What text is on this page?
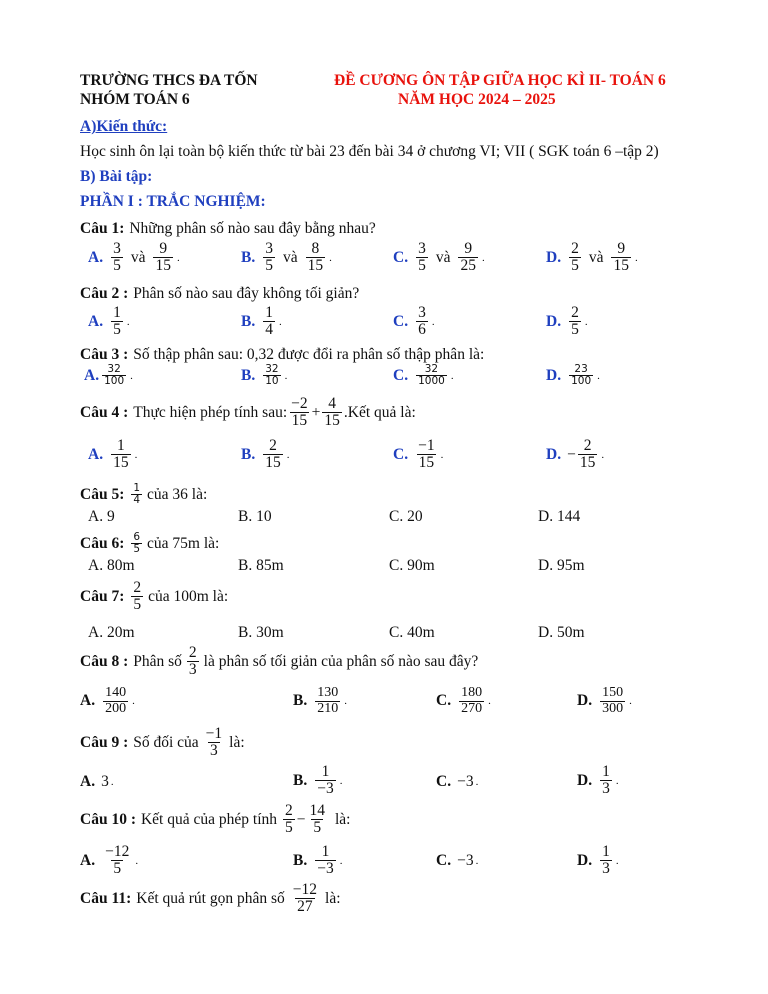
TRƯỜNG THCS ĐA TỐN
NHÓM TOÁN 6
ĐỀ CƯƠNG ÔN TẬP GIỮA HỌC KÌ II- TOÁN 6
NĂM HỌC 2024 – 2025
A)Kiến thức:
Học sinh ôn lại toàn bộ kiến thức từ bài 23 đến bài 34 ở chương VI; VII ( SGK toán 6 –tập 2)
B) Bài tập:
PHẦN I : TRẮC NGHIỆM:
Câu 1: Những phân số nào sau đây bằng nhau?
A. $\frac{3}{5}$ và $\frac{9}{15}$ .	B. $\frac{3}{5}$ và $\frac{8}{15}$ .	C. $\frac{3}{5}$ và $\frac{9}{25}$ .	D. $\frac{2}{5}$ và $\frac{9}{15}$ .
Câu 2 : Phân số nào sau đây không tối giản?
A. $\frac{1}{5}$ .	B. $\frac{1}{4}$ .	C. $\frac{3}{6}$ .	D. $\frac{2}{5}$ .
Câu 3 : Số thập phân sau: 0,32 được đổi ra phân số thập phân là:
A. $\frac{32}{100}$ .	B. $\frac{32}{10}$ .	C. $\frac{32}{1000}$ .	D. $\frac{23}{100}$ .
Câu 4 : Thực hiện phép tính sau: $\frac{-2}{15} + \frac{4}{15}$ .Kết quả là:
A. $\frac{1}{15}$ .	B. $\frac{2}{15}$ .	C. $\frac{-1}{15}$ .	D. − $\frac{2}{15}$ .
Câu 5: $\frac{1}{4}$ của 36 là:
A. 9	B. 10	C. 20	D. 144
Câu 6: $\frac{6}{5}$ của 75m là:
A. 80m	B. 85m	C. 90m	D. 95m
Câu 7: $\frac{2}{5}$ của 100m là:
A. 20m	B. 30m	C. 40m	D. 50m
Câu 8 : Phân số $\frac{2}{3}$ là phân số tối giản của phân số nào sau đây?
A. $\frac{140}{200}$ .	B. $\frac{130}{210}$ .	C. $\frac{180}{270}$ .	D. $\frac{150}{300}$ .
Câu 9 : Số đối của $\frac{-1}{3}$ là:
A. 3 .	B. $\frac{1}{-3}$ .	C. −3 .	D. $\frac{1}{3}$ .
Câu 10 : Kết quả của phép tính $\frac{2}{5} - \frac{14}{5}$ là:
A. $\frac{-12}{5}$ .	B. $\frac{1}{-3}$ .	C. −3 .	D. $\frac{1}{3}$ .
Câu 11: Kết quả rút gọn phân số $\frac{-12}{27}$ là:
